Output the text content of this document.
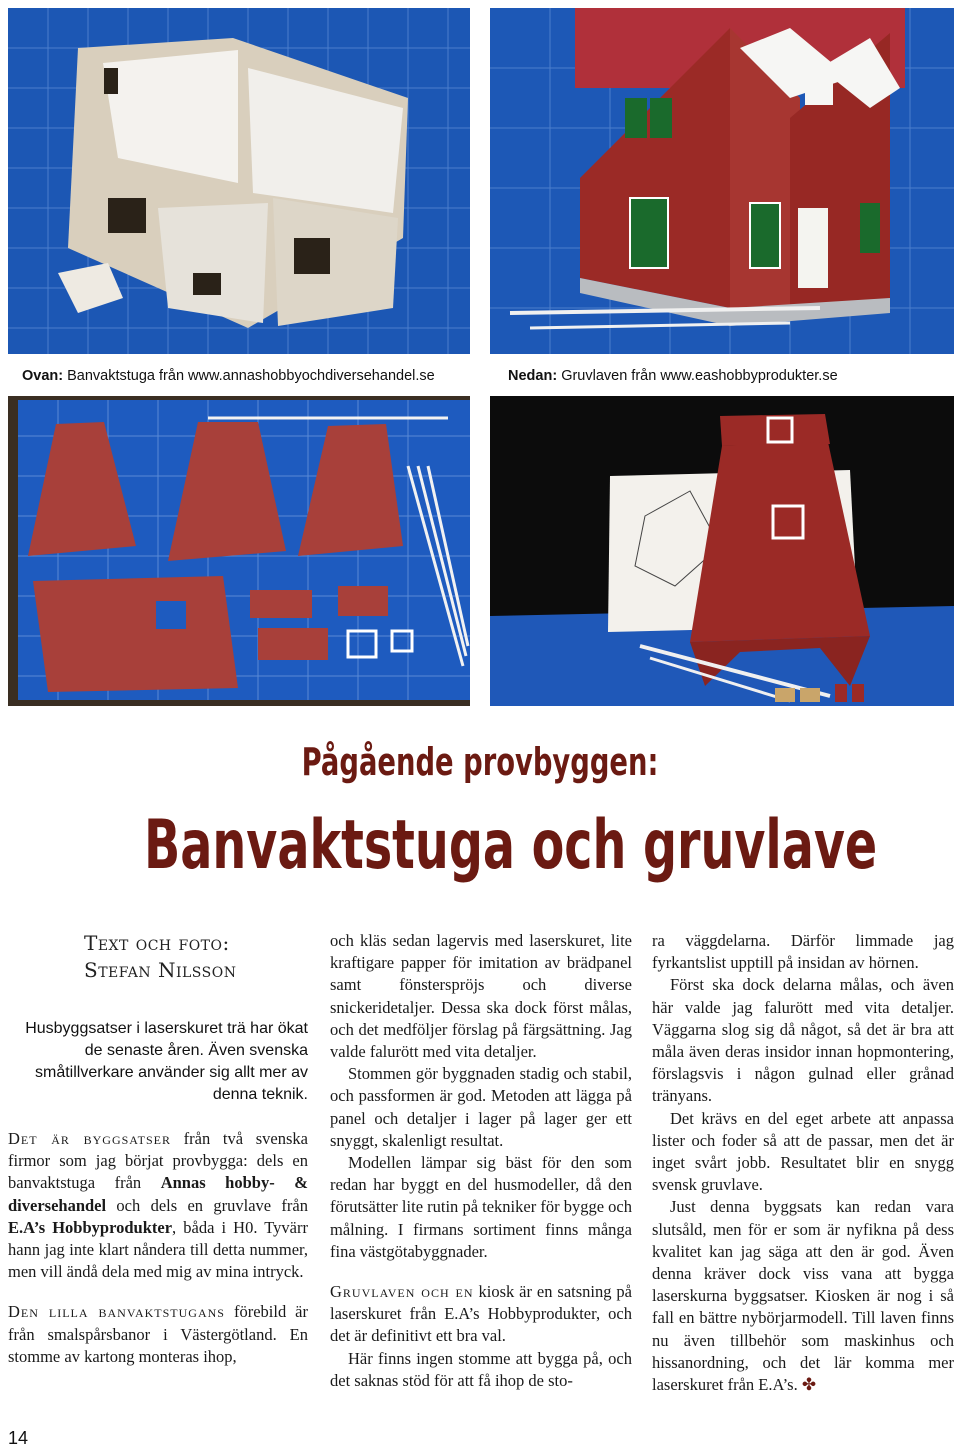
Ovan: Banvaktstuga från www.annashobbyochdiversehandel.se	Nedan: Gruvlaven från www.eashobbyprodukter.se
Pågående provbyggen:
Banvaktstuga och gruvlave
Text och foto:
Stefan Nilsson
Husbyggsatser i laserskuret trä har ökat de senaste åren. Även svenska småtillverkare använder sig allt mer av denna teknik.

Det är byggsatser från två svenska firmor som jag börjat provbygga: dels en banvaktstuga från Annas hobby- & diversehandel och dels en gruvlave från E.A’s Hobbyprodukter, båda i H0. Tyvärr hann jag inte klart nåndera till detta nummer, men vill ändå dela med mig av mina intryck.

Den lilla banvaktstugans förebild är från smalspårsbanor i Västergötland. En stomme av kartong monteras ihop,

och kläs sedan lagervis med laserskuret, lite kraftigare papper för imitation av brädpanel samt fönsterspröjs och diverse snickeridetaljer. Dessa ska dock först målas, och det medföljer förslag på färgsättning. Jag valde falurött med vita detaljer.

Stommen gör byggnaden stadig och stabil, och passformen är god. Metoden att lägga på panel och detaljer i lager på lager ger ett snyggt, skalenligt resultat.

Modellen lämpar sig bäst för den som redan har byggt en del husmodeller, då den förutsätter lite rutin på tekniker för bygge och målning. I firmans sortiment finns många fina västgötabyggnader.

Gruvlaven och en kiosk är en satsning på laserskuret från E.A’s Hobbyprodukter, och det är definitivt ett bra val.

Här finns ingen stomme att bygga på, och det saknas stöd för att få ihop de sto-

ra väggdelarna. Därför limmade jag fyrkantslist upptill på insidan av hörnen.

Först ska dock delarna målas, och även här valde jag falurött med vita detaljer. Väggarna slog sig då något, så det är bra att måla även deras insidor innan hopmontering, förslagsvis i någon gulnad eller grånad tränyans.

Det krävs en del eget arbete att anpassa lister och foder så att de passar, men det är inget svårt jobb. Resultatet blir en snygg svensk gruvlave.

Just denna byggsats kan redan vara slutsåld, men för er som är nyfikna på dess kvalitet kan jag säga att den är god. Även denna kräver dock viss vana att bygga laserskurna byggsatser. Kiosken är nog i så fall en bättre nybörjarmodell. Till laven finns nu även tillbehör som maskinhus och hissanordning, och det lär komma mer laserskuret från E.A’s. ✤

14
